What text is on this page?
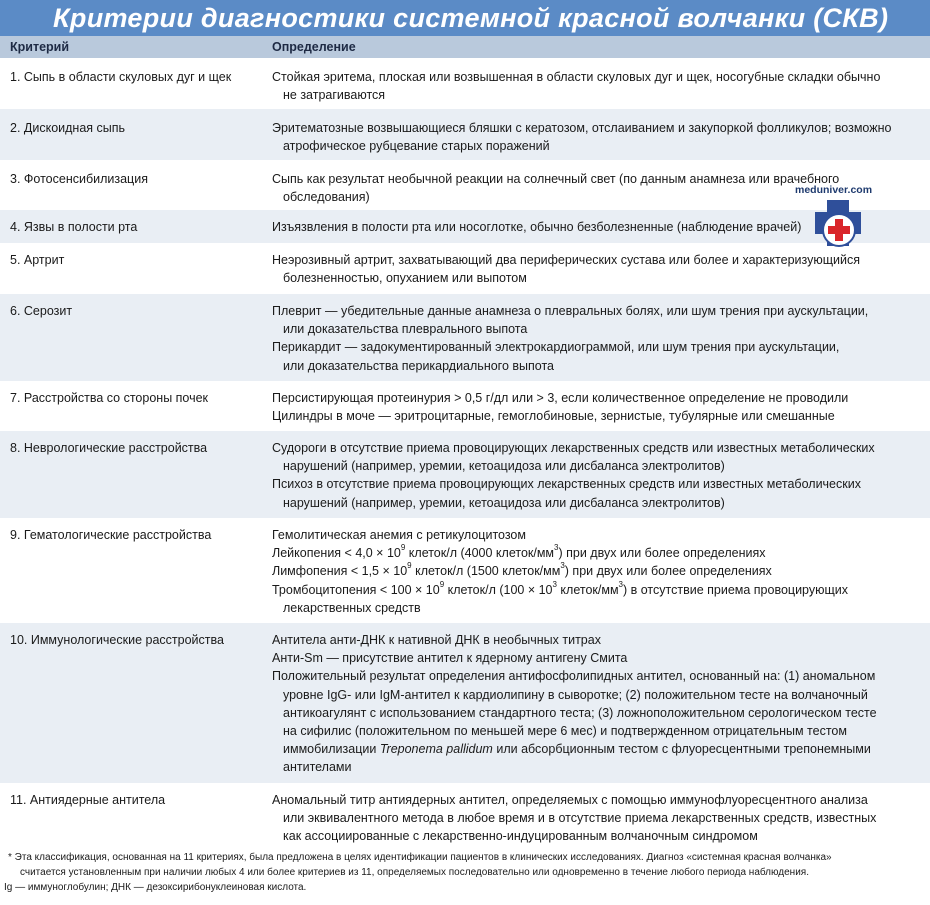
Критерии диагностики системной красной волчанки (СКВ)
Критерий	Определение
1. Сыпь в области скуловых дуг и щек	Стойкая эритема, плоская или возвышенная в области скуловых дуг и щек, носогубные складки обычно
не затрагиваются
2. Дискоидная сыпь	Эритематозные возвышающиеся бляшки с кератозом, отслаиванием и закупоркой фолликулов; возможно
атрофическое рубцевание старых поражений
3. Фотосенсибилизация	Сыпь как результат необычной реакции на солнечный свет (по данным анамнеза или врачебного
обследования)
4. Язвы в полости рта	Изъязвления в полости рта или носоглотке, обычно безболезненные (наблюдение врачей)
5. Артрит	Неэрозивный артрит, захватывающий два периферических сустава или более и характеризующийся
болезненностью, опуханием или выпотом
6. Серозит	Плеврит — убедительные данные анамнеза о плевральных болях, или шум трения при аускультации,
или доказательства плеврального выпота
Перикардит — задокументированный электрокардиограммой, или шум трения при аускультации,
или доказательства перикардиального выпота
7. Расстройства со стороны почек	Персистирующая протеинурия > 0,5 г/дл или > 3, если количественное определение не проводили
Цилиндры в моче — эритроцитарные, гемоглобиновые, зернистые, тубулярные или смешанные
8. Неврологические расстройства	Судороги в отсутствие приема провоцирующих лекарственных средств или известных метаболических
нарушений (например, уремии, кетоацидоза или дисбаланса электролитов)
Психоз в отсутствие приема провоцирующих лекарственных средств или известных метаболических
нарушений (например, уремии, кетоацидоза или дисбаланса электролитов)
9. Гематологические расстройства	Гемолитическая анемия с ретикулоцитозом
Лейкопения < $4,0 \times 10^9$ клеток/л (4000 клеток/$мм^3$) при двух или более определениях
Лимфопения < $1,5 \times 10^9$ клеток/л (1500 клеток/$мм^3$) при двух или более определениях
Тромбоцитопения < $100 \times 10^9$ клеток/л ($100 \times 10^3$ клеток/$мм^3$) в отсутствие приема провоцирующих
лекарственных средств
10. Иммунологические расстройства	Антитела анти-ДНК к нативной ДНК в необычных титрах
Анти-Sm — присутствие антител к ядерному антигену Смита
Положительный результат определения антифосфолипидных антител, основанный на: (1) аномальном
уровне IgG- или IgM-антител к кардиолипину в сыворотке; (2) положительном тесте на волчаночный
антикоагулянт с использованием стандартного теста; (3) ложноположительном серологическом тесте
на сифилис (положительном по меньшей мере 6 мес) и подтвержденном отрицательным тестом
иммобилизации Treponema pallidum или абсорбционным тестом с флуоресцентными трепонемными
антителами
11. Антиядерные антитела	Аномальный титр антиядерных антител, определяемых с помощью иммунофлуоресцентного анализа
или эквивалентного метода в любое время и в отсутствие приема лекарственных средств, известных
как ассоциированные с лекарственно-индуцированным волчаночным синдромом
meduniver.com
* Эта классификация, основанная на 11 критериях, была предложена в целях идентификации пациентов в клинических исследованиях. Диагноз «системная красная волчанка»
считается установленным при наличии любых 4 или более критериев из 11, определяемых последовательно или одновременно в течение любого периода наблюдения.
Ig — иммуноглобулин; ДНК — дезоксирибонуклеиновая кислота.
